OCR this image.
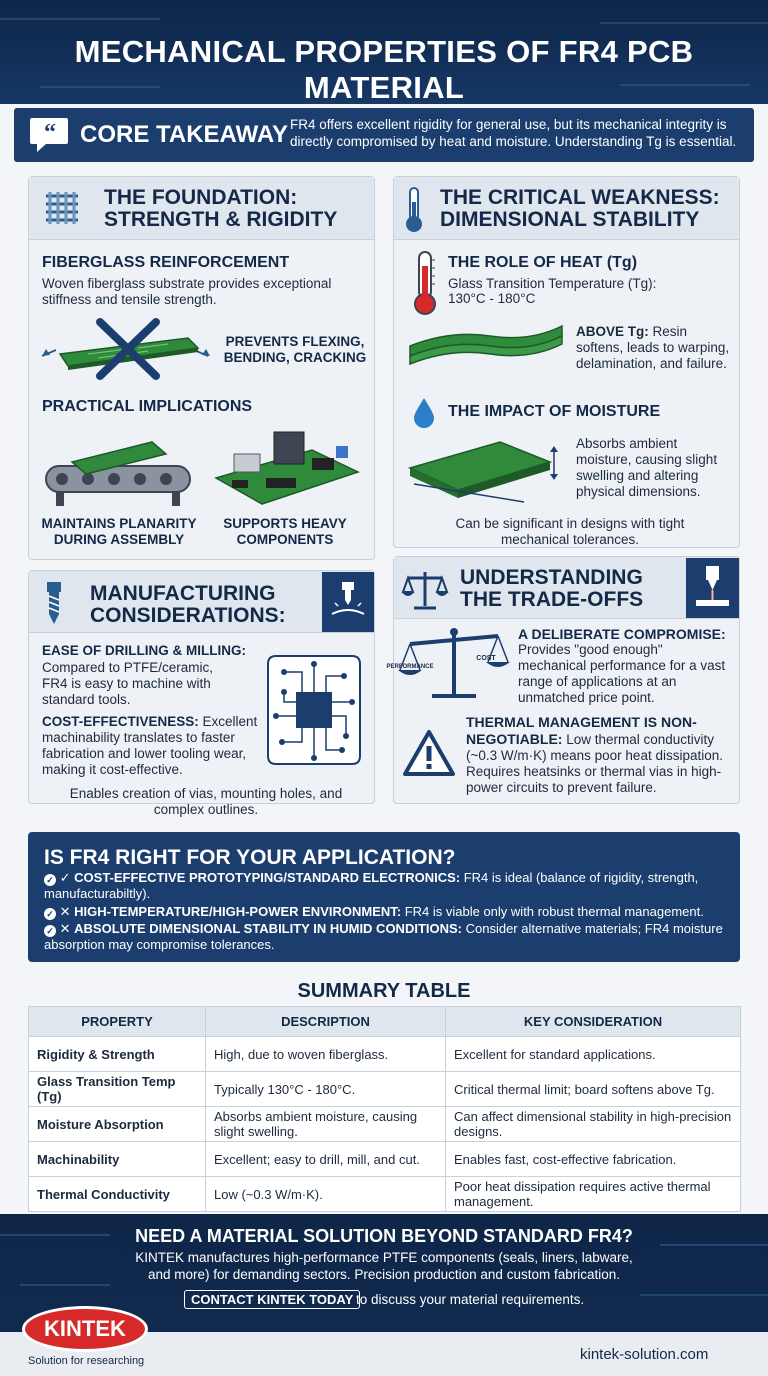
MECHANICAL PROPERTIES OF FR4 PCB MATERIAL
“ CORE TAKEAWAY FR4 offers excellent rigidity for general use, but its mechanical integrity is directly compromised by heat and moisture. Understanding Tg is essential.
THE FOUNDATION:
STRENGTH & RIGIDITY
FIBERGLASS REINFORCEMENT
Woven fiberglass substrate provides exceptional stiffness and tensile strength.
PREVENTS FLEXING,
BENDING, CRACKING
PRACTICAL IMPLICATIONS
MAINTAINS PLANARITY
DURING ASSEMBLY
SUPPORTS HEAVY
COMPONENTS
THE CRITICAL WEAKNESS:
DIMENSIONAL STABILITY
THE ROLE OF HEAT (Tg)
Glass Transition Temperature (Tg):
130°C - 180°C
ABOVE Tg: Resin softens, leads to warping, delamination, and failure.
THE IMPACT OF MOISTURE
Absorbs ambient moisture, causing slight swelling and altering physical dimensions.
Can be significant in designs with tight mechanical tolerances.
MANUFACTURING
CONSIDERATIONS:
EASE OF DRILLING & MILLING:
Compared to PTFE/ceramic, FR4 is easy to machine with standard tools.
COST-EFFECTIVENESS: Excellent machinability translates to faster fabrication and lower tooling wear, making it cost-effective.
Enables creation of vias, mounting holes, and complex outlines.
UNDERSTANDING
THE TRADE-OFFS
PERFORMANCE
COST
A DELIBERATE COMPROMISE:
Provides "good enough" mechanical performance for a vast range of applications at an unmatched price point.
THERMAL MANAGEMENT IS NON-NEGOTIABLE: Low thermal conductivity (~0.3 W/m·K) means poor heat dissipation. Requires heatsinks or thermal vias in high-power circuits to prevent failure.
IS FR4 RIGHT FOR YOUR APPLICATION?
✓ ✓ COST-EFFECTIVE PROTOTYPING/STANDARD ELECTRONICS: FR4 is ideal (balance of rigidity, strength, manufacturabiltly).
✓ ✕ HIGH-TEMPERATURE/HIGH-POWER ENVIRONMENT: FR4 is viable only with robust thermal management.
✓ ✕ ABSOLUTE DIMENSIONAL STABILITY IN HUMID CONDITIONS: Consider alternative materials; FR4 moisture absorption may compromise tolerances.
SUMMARY TABLE
PROPERTY	DESCRIPTION	KEY CONSIDERATION
Rigidity & Strength	High, due to woven fiberglass.	Excellent for standard applications.
Glass Transition Temp (Tg)	Typically 130°C - 180°C.	Critical thermal limit; board softens above Tg.
Moisture Absorption	Absorbs ambient moisture, causing slight swelling.	Can affect dimensional stability in high-precision designs.
Machinability	Excellent; easy to drill, mill, and cut.	Enables fast, cost-effective fabrication.
Thermal Conductivity	Low (~0.3 W/m·K).	Poor heat dissipation requires active thermal management.
NEED A MATERIAL SOLUTION BEYOND STANDARD FR4?
KINTEK manufactures high-performance PTFE components (seals, liners, labware, and more) for demanding sectors. Precision production and custom fabrication.
CONTACT KINTEK TODAY to discuss your material requirements.
KINTEK
Solution for researching	kintek-solution.com
